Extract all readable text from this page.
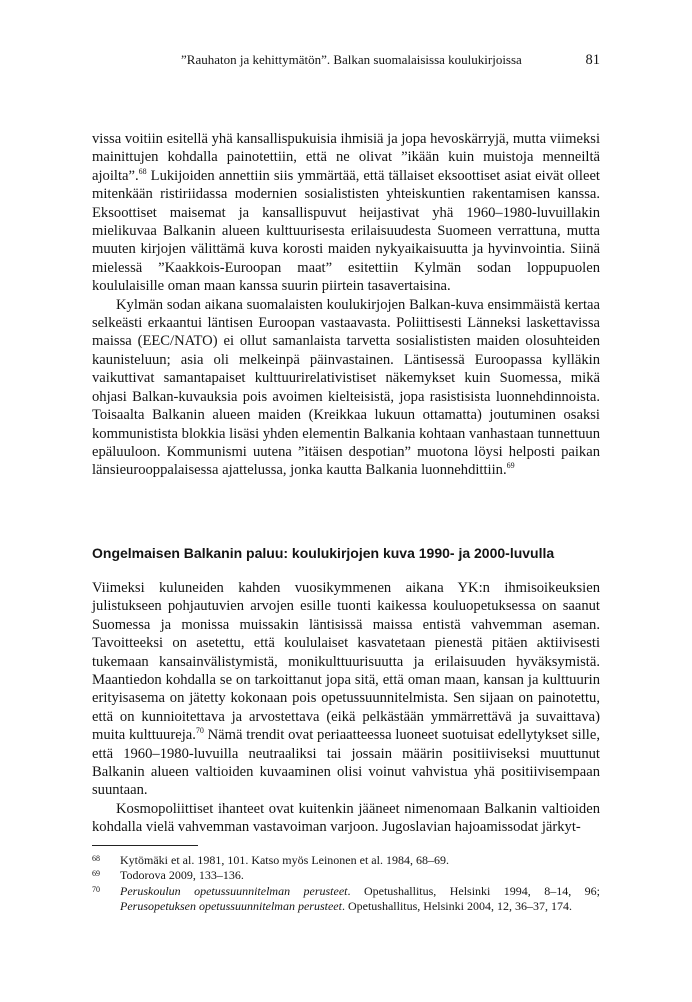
”Rauhaton ja kehittymätön”. Balkan suomalaisissa koulukirjoissa	81

vissa voitiin esitellä yhä kansallispukuisia ihmisiä ja jopa hevoskärryjä, mutta viimeksi mainittujen kohdalla painotettiin, että ne olivat ”ikään kuin muistoja menneiltä ajoilta”.$^{68}$ Lukijoiden annettiin siis ymmärtää, että tällaiset eksoottiset asiat eivät olleet mitenkään ristiriidassa modernien sosialististen yhteiskuntien rakentamisen kanssa. Eksoottiset maisemat ja kansallispuvut heijastivat yhä 1960–1980-luvuillakin mielikuvaa Balkanin alueen kulttuurisesta erilaisuudesta Suomeen verrattuna, mutta muuten kirjojen välittämä kuva korosti maiden nykyaikaisuutta ja hyvinvointia. Siinä mielessä ”Kaakkois-Euroopan maat” esitettiin Kylmän sodan loppupuolen koululaisille oman maan kanssa suurin piirtein tasavertaisina.

Kylmän sodan aikana suomalaisten koulukirjojen Balkan-kuva ensimmäistä kertaa selkeästi erkaantui läntisen Euroopan vastaavasta. Poliittisesti Länneksi laskettavissa maissa (EEC/NATO) ei ollut samanlaista tarvetta sosialististen maiden olosuhteiden kaunisteluun; asia oli melkeinpä päinvastainen. Läntisessä Euroopassa kylläkin vaikuttivat samantapaiset kulttuurirelativistiset näkemykset kuin Suomessa, mikä ohjasi Balkan-kuvauksia pois avoimen kielteisistä, jopa rasistisista luonnehdinnoista. Toisaalta Balkanin alueen maiden (Kreikkaa lukuun ottamatta) joutuminen osaksi kommunistista blokkia lisäsi yhden elementin Balkania kohtaan vanhastaan tunnettuun epäluuloon. Kommunismi uutena ”itäisen despotian” muotona löysi helposti paikan länsieurooppalaisessa ajattelussa, jonka kautta Balkania luonnehdittiin.$^{69}$

Ongelmaisen Balkanin paluu: koulukirjojen kuva 1990- ja 2000-luvulla

Viimeksi kuluneiden kahden vuosikymmenen aikana YK:n ihmisoikeuksien julistukseen pohjautuvien arvojen esille tuonti kaikessa kouluopetuksessa on saanut Suomessa ja monissa muissakin läntisissä maissa entistä vahvemman aseman. Tavoitteeksi on asetettu, että koululaiset kasvatetaan pienestä pitäen aktiivisesti tukemaan kansainvälistymistä, monikulttuurisuutta ja erilaisuuden hyväksymistä. Maantiedon kohdalla se on tarkoittanut jopa sitä, että oman maan, kansan ja kulttuurin erityisasema on jätetty kokonaan pois opetussuunnitelmista. Sen sijaan on painotettu, että on kunnioitettava ja arvostettava (eikä pelkästään ymmärrettävä ja suvaittava) muita kulttuureja.$^{70}$ Nämä trendit ovat periaatteessa luoneet suotuisat edellytykset sille, että 1960–1980-luvuilla neutraaliksi tai jossain määrin positiiviseksi muuttunut Balkanin alueen valtioiden kuvaaminen olisi voinut vahvistua yhä positiivisempaan suuntaan.

Kosmopoliittiset ihanteet ovat kuitenkin jääneet nimenomaan Balkanin valtioiden kohdalla vielä vahvemman vastavoiman varjoon. Jugoslavian hajoamissodat järkyt-

68 Kytömäki et al. 1981, 101. Katso myös Leinonen et al. 1984, 68–69.
69 Todorova 2009, 133–136.
70 Peruskoulun opetussuunnitelman perusteet. Opetushallitus, Helsinki 1994, 8–14, 96; Perusopetuksen opetussuunnitelman perusteet. Opetushallitus, Helsinki 2004, 12, 36–37, 174.
